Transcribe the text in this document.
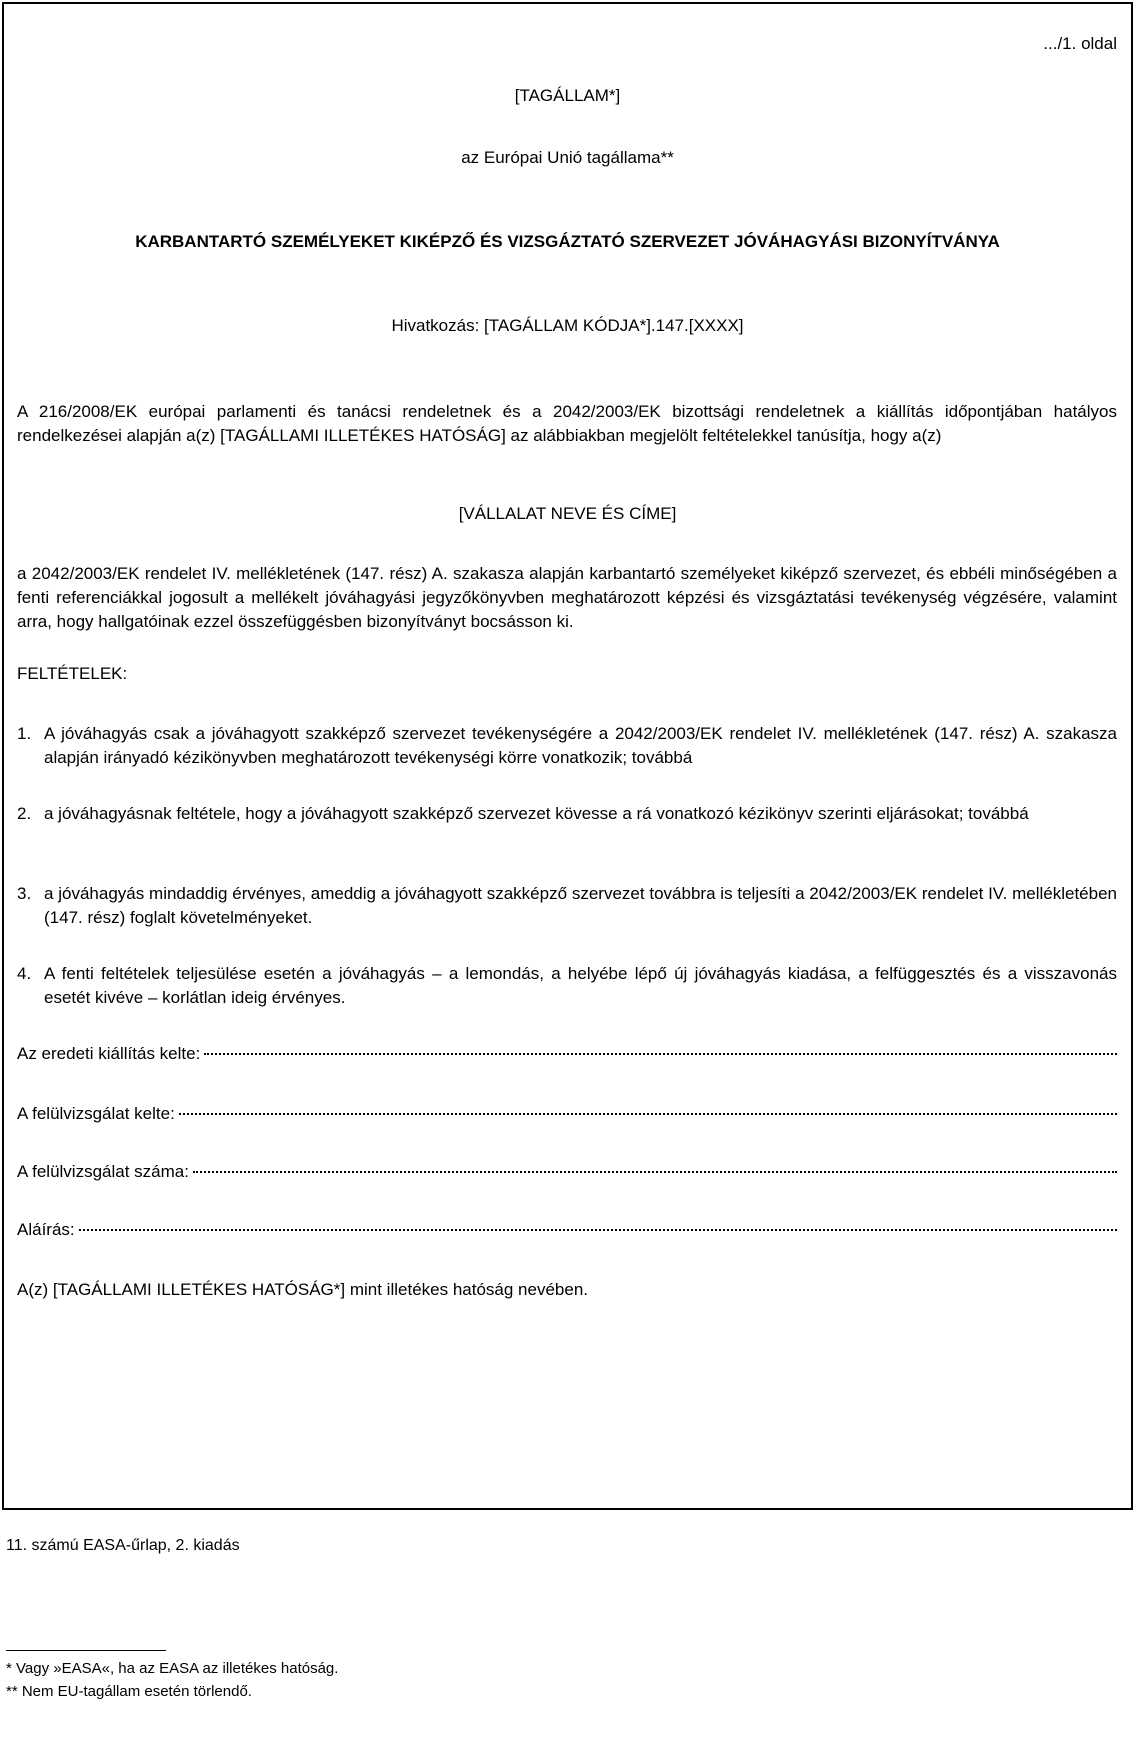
.../1. oldal
[TAGÁLLAM*]
az Európai Unió tagállama**
KARBANTARTÓ SZEMÉLYEKET KIKÉPZŐ ÉS VIZSGÁZTATÓ SZERVEZET JÓVÁHAGYÁSI BIZONYÍTVÁNYA
Hivatkozás: [TAGÁLLAM KÓDJA*].147.[XXXX]
A 216/2008/EK európai parlamenti és tanácsi rendeletnek és a 2042/2003/EK bizottsági rendeletnek a kiállítás időpontjában hatályos rendelkezései alapján a(z) [TAGÁLLAMI ILLETÉKES HATÓSÁG] az alábbiakban megjelölt feltételekkel tanúsítja, hogy a(z)
[VÁLLALAT NEVE ÉS CÍME]
a 2042/2003/EK rendelet IV. mellékletének (147. rész) A. szakasza alapján karbantartó személyeket kiképző szervezet, és ebbéli minőségében a fenti referenciákkal jogosult a mellékelt jóváhagyási jegyzőkönyvben meghatározott képzési és vizsgáztatási tevékenység végzésére, valamint arra, hogy hallgatóinak ezzel összefüggésben bizonyítványt bocsásson ki.
FELTÉTELEK:
1. A jóváhagyás csak a jóváhagyott szakképző szervezet tevékenységére a 2042/2003/EK rendelet IV. mellékletének (147. rész) A. szakasza alapján irányadó kézikönyvben meghatározott tevékenységi körre vonatkozik; továbbá
2. a jóváhagyásnak feltétele, hogy a jóváhagyott szakképző szervezet kövesse a rá vonatkozó kézikönyv szerinti eljárásokat; továbbá
3. a jóváhagyás mindaddig érvényes, ameddig a jóváhagyott szakképző szervezet továbbra is teljesíti a 2042/2003/EK rendelet IV. mellékletében (147. rész) foglalt követelményeket.
4. A fenti feltételek teljesülése esetén a jóváhagyás – a lemondás, a helyébe lépő új jóváhagyás kiadása, a felfüggesztés és a visszavonás esetét kivéve – korlátlan ideig érvényes.
Az eredeti kiállítás kelte:
A felülvizsgálat kelte:
A felülvizsgálat száma:
Aláírás:
A(z) [TAGÁLLAMI ILLETÉKES HATÓSÁG*] mint illetékes hatóság nevében.
11. számú EASA-űrlap, 2. kiadás
* Vagy »EASA«, ha az EASA az illetékes hatóság.
** Nem EU-tagállam esetén törlendő.
